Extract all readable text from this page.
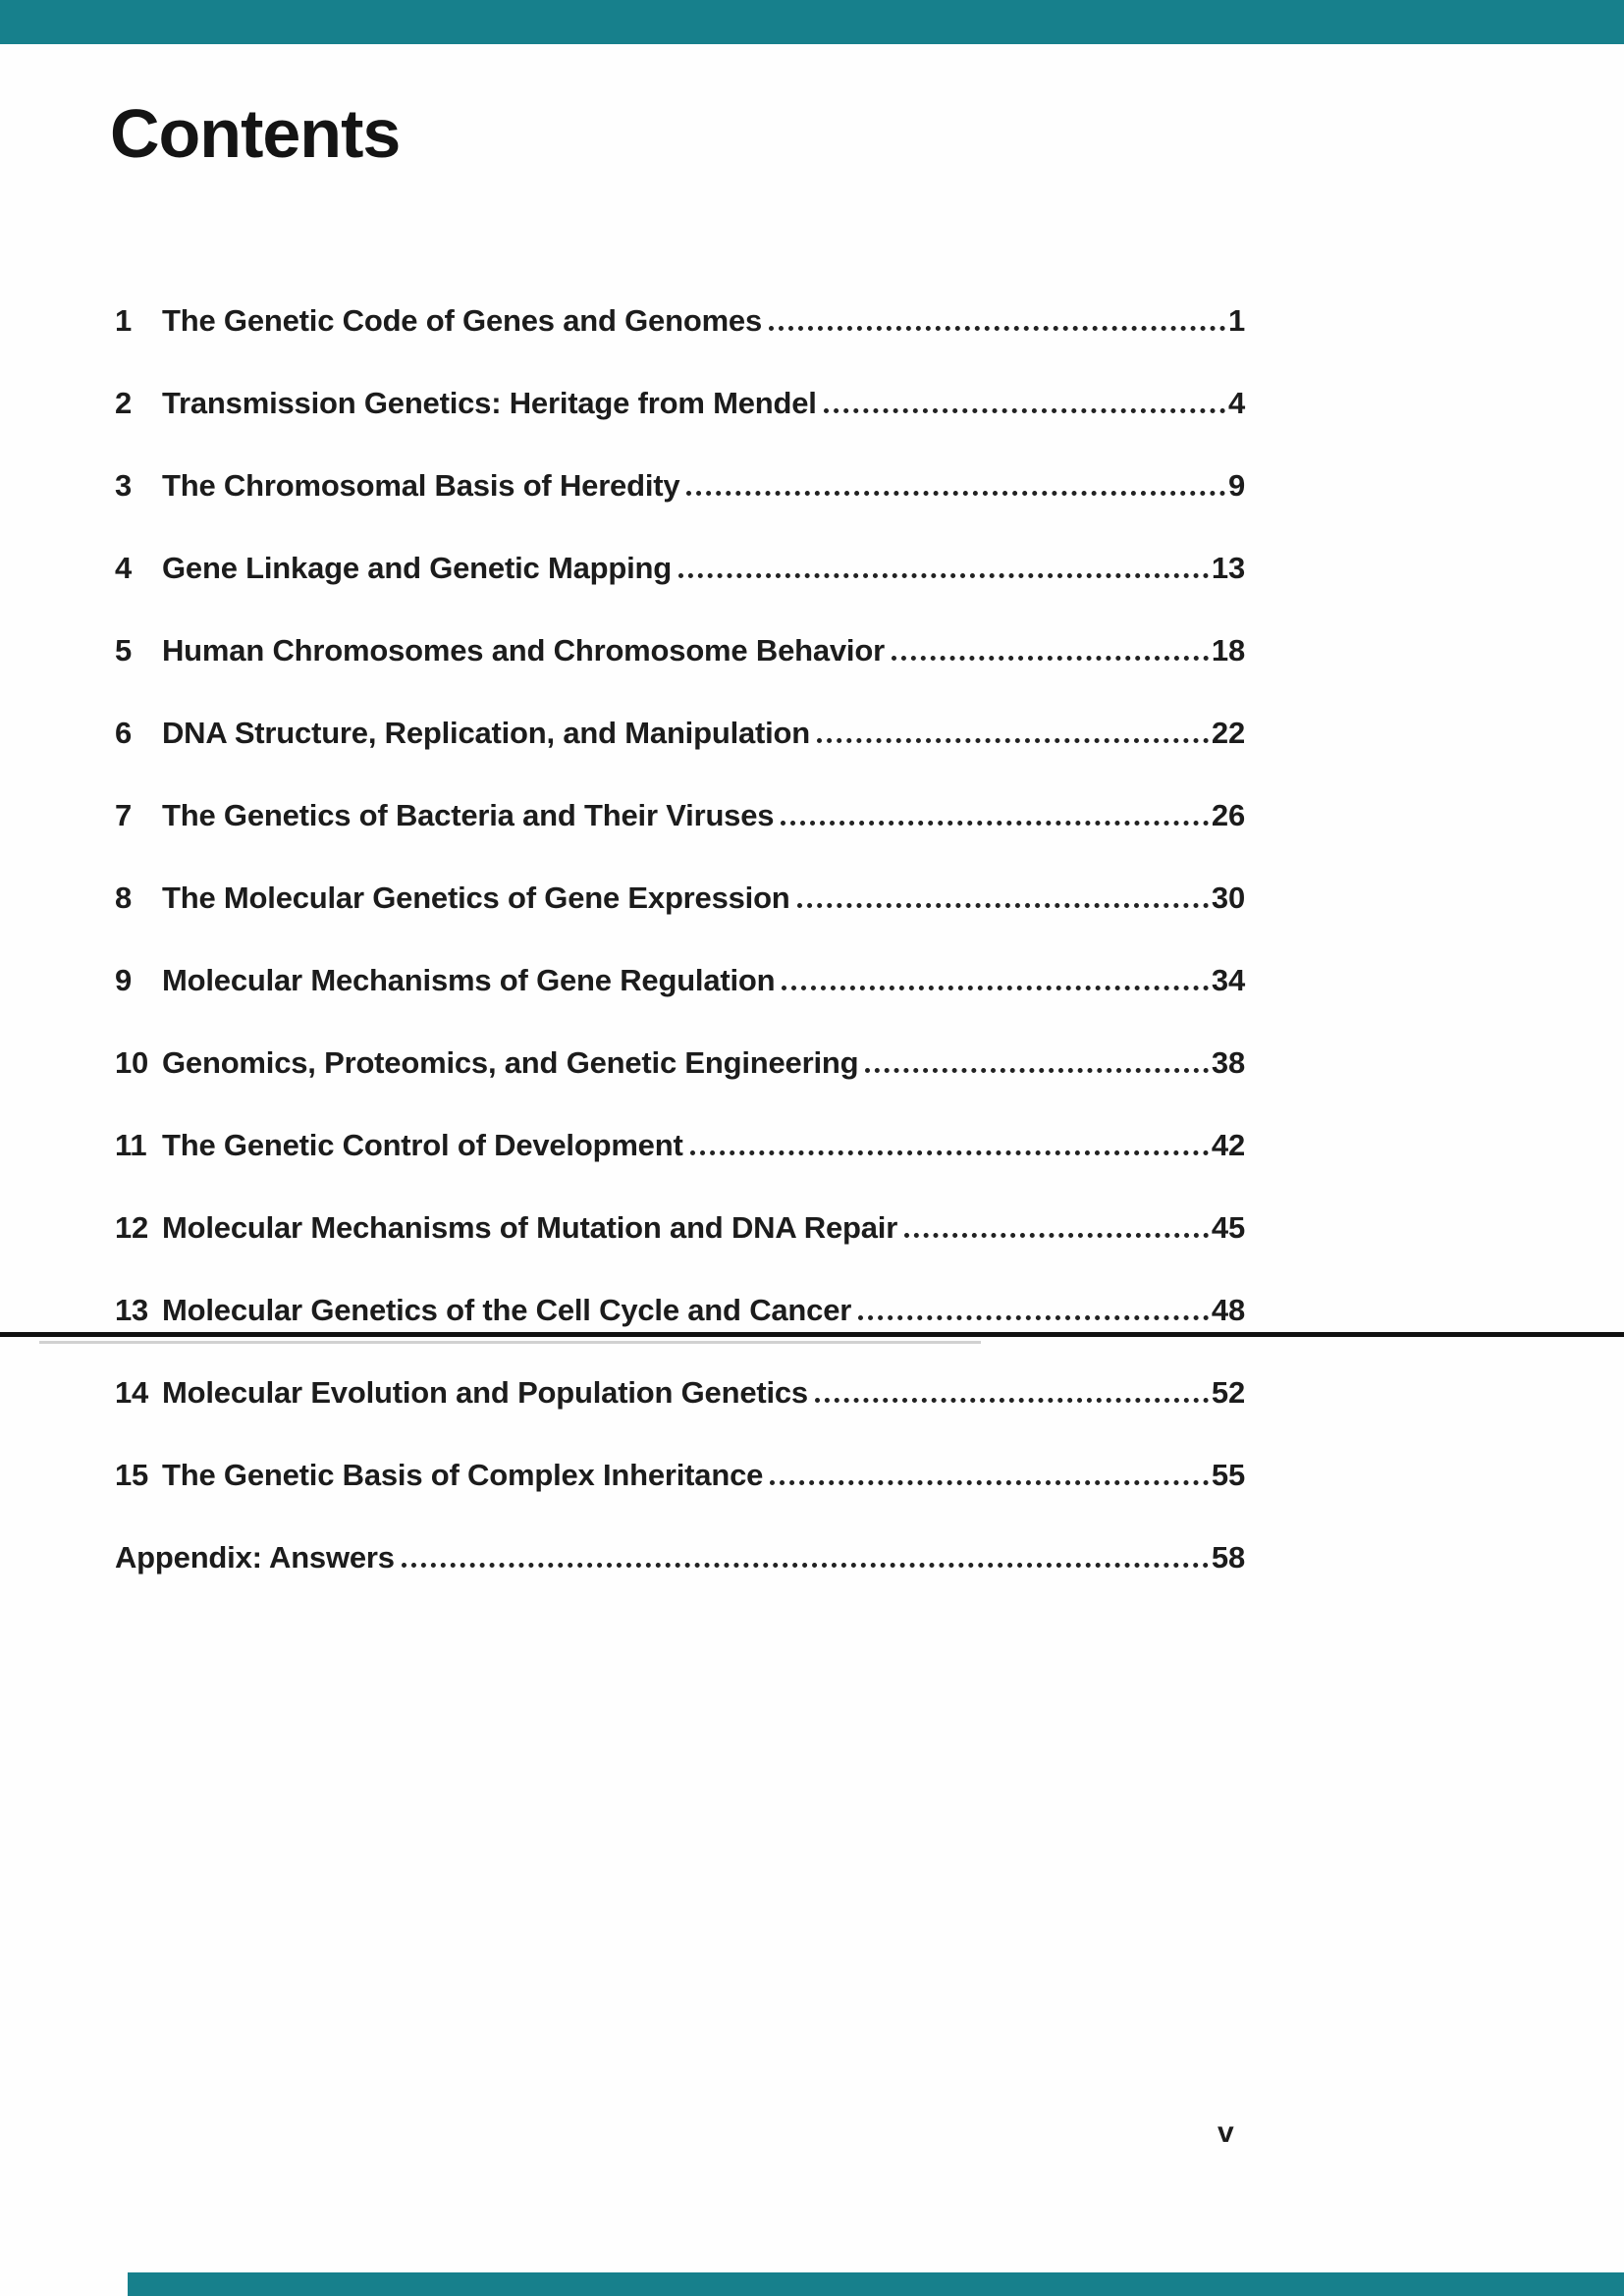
Contents
1 The Genetic Code of Genes and Genomes	1
2 Transmission Genetics: Heritage from Mendel	4
3 The Chromosomal Basis of Heredity	9
4 Gene Linkage and Genetic Mapping	13
5 Human Chromosomes and Chromosome Behavior	18
6 DNA Structure, Replication, and Manipulation	22
7 The Genetics of Bacteria and Their Viruses	26
8 The Molecular Genetics of Gene Expression	30
9 Molecular Mechanisms of Gene Regulation	34
10 Genomics, Proteomics, and Genetic Engineering	38
11 The Genetic Control of Development	42
12 Molecular Mechanisms of Mutation and DNA Repair	45
13 Molecular Genetics of the Cell Cycle and Cancer	48
14 Molecular Evolution and Population Genetics	52
15 The Genetic Basis of Complex Inheritance	55
Appendix: Answers	58
v
